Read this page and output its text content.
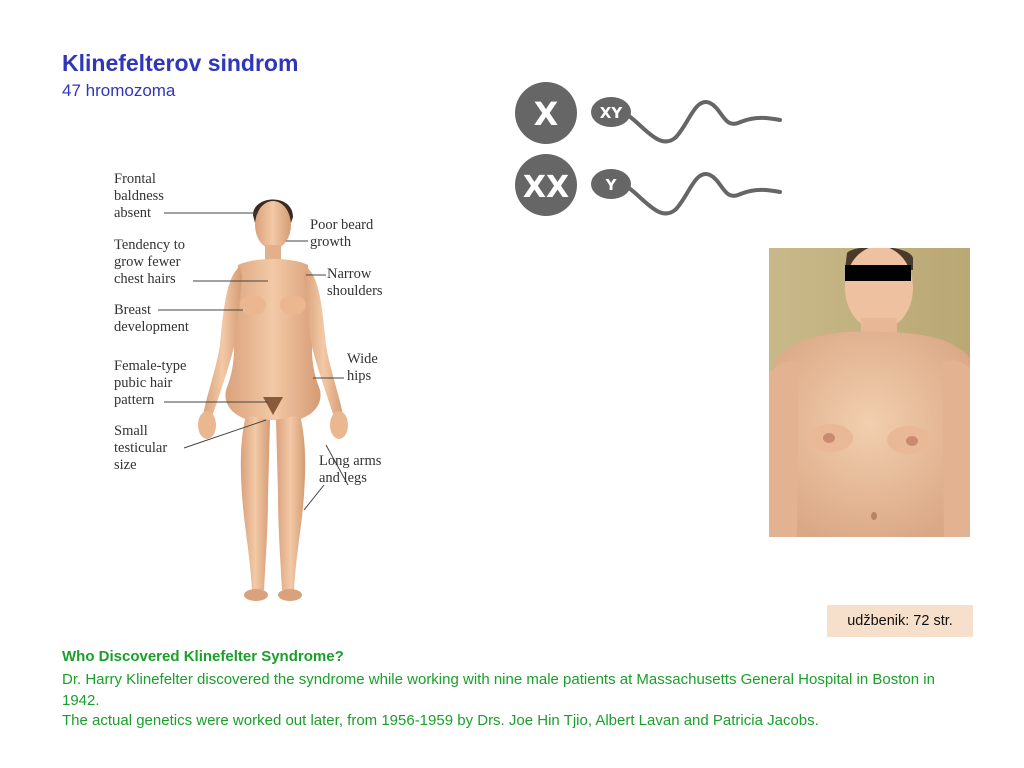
Klinefelterov sindrom
47 hromozoma
X	XY
XX Y
Frontal
baldness
absent
Tendency to
grow fewer
chest hairs
Breast
development
Female-type
pubic hair
pattern
Small
testicular
size
Poor beard
growth
Narrow
shoulders
Wide
hips
Long arms
and legs
udžbenik: 72 str.
Who Discovered Klinefelter Syndrome?

Dr. Harry Klinefelter discovered the syndrome while working with nine male patients at Massachusetts General Hospital in Boston in 1942.

The actual genetics were worked out later, from 1956-1959 by Drs. Joe Hin Tjio, Albert Lavan and Patricia Jacobs.
